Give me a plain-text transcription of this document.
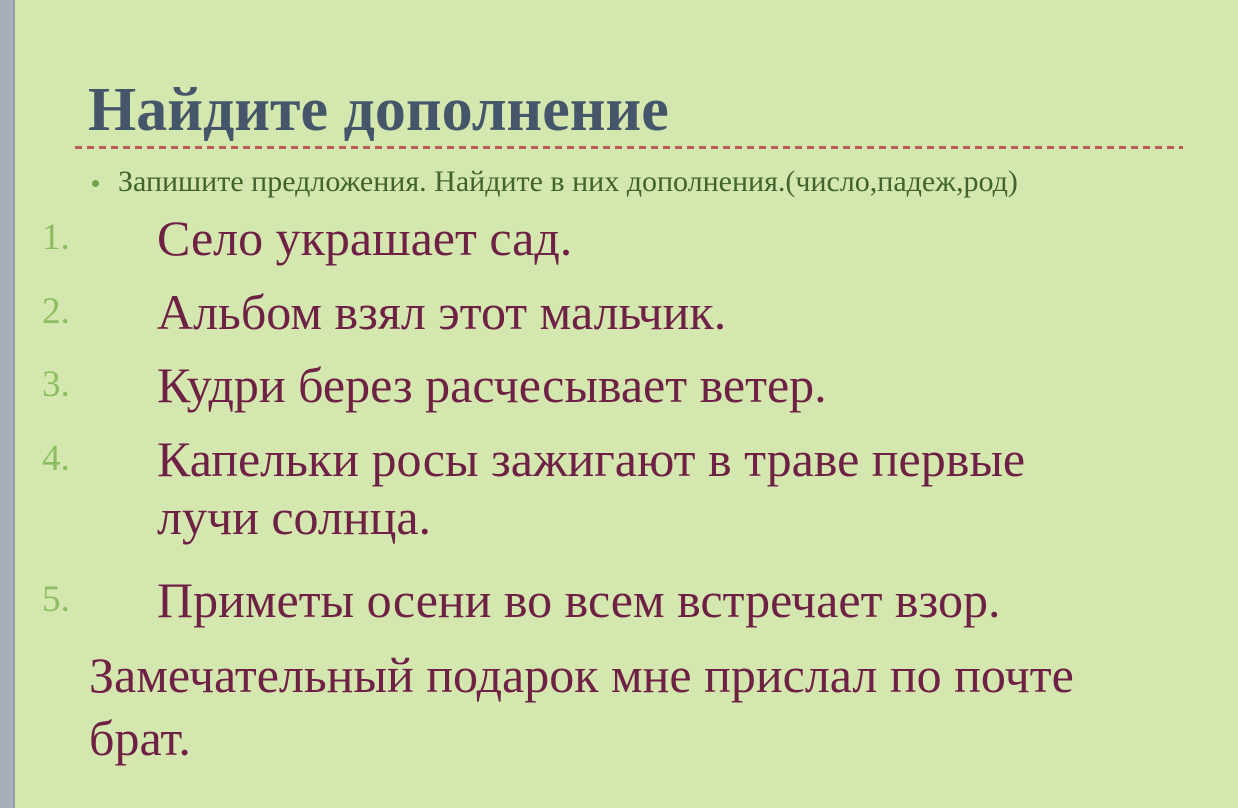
Найдите дополнение
Запишите предложения. Найдите в них дополнения.(число,падеж,род)
1. Село украшает сад.
2. Альбом взял этот мальчик.
3. Кудри берез расчесывает ветер.
4. Капельки росы зажигают в траве первые лучи солнца.
5. Приметы осени во всем встречает взор.

Замечательный подарок мне прислал по почте брат.
